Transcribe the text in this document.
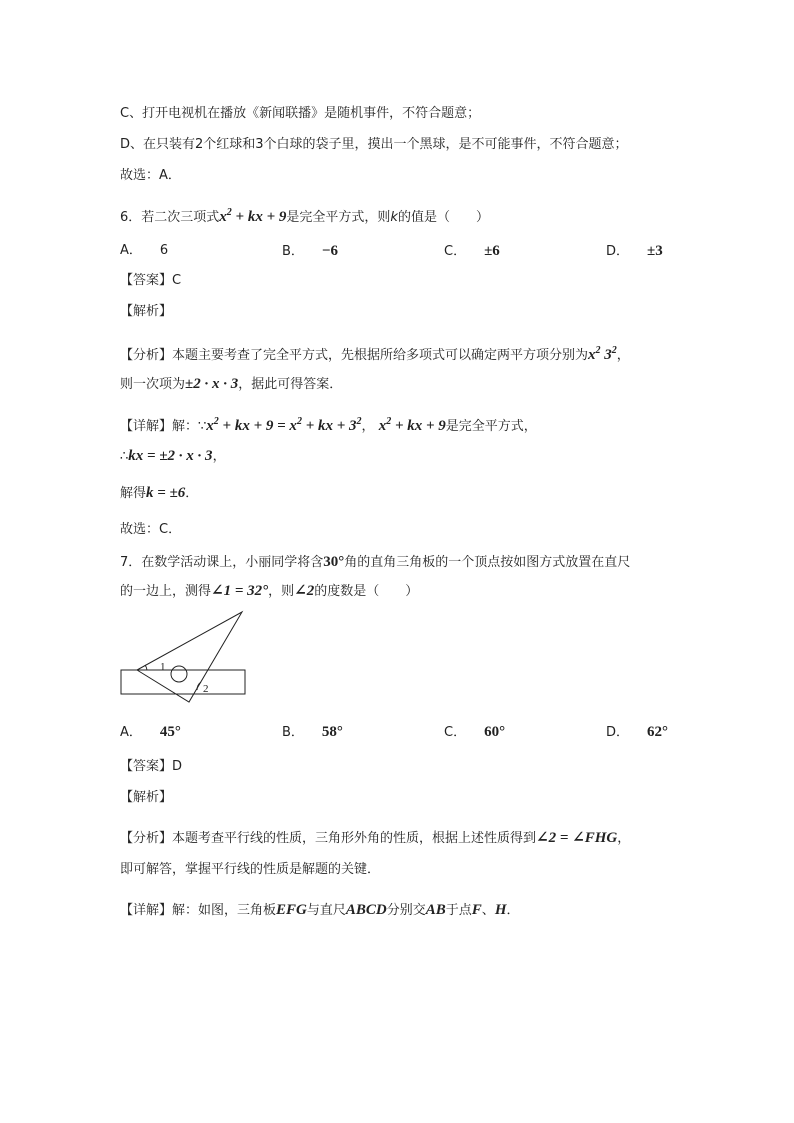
C、打开电视机在播放《新闻联播》是随机事件，不符合题意；
D、在只装有2个红球和3个白球的袋子里，摸出一个黑球，是不可能事件，不符合题意；
故选：A．
6．若二次三项式$x^2$ + kx + 9是完全平方式，则k的值是（　　）
A． 6	B． −6	C． ±6	D． ±3
【答案】C
【解析】
【分析】本题主要考查了完全平方式，先根据所给多项式可以确定两平方项分别为$x^2$ $3^2$，
则一次项为±2 · x · 3，据此可得答案．
【详解】解：$\because x^2$ + kx + $9 = x^2$ + kx + $3^2$， $x^2$ + kx + 9是完全平方式，
∴kx = ±2 · x · 3，
解得k = ±6．
故选：C．
7．在数学活动课上，小丽同学将含30°角的直角三角板的一个顶点按如图方式放置在直尺
的一边上，测得∠1 = 32°，则∠2的度数是（　　）
1
2
A． 45°	B． 58°	C． 60°	D． 62°
【答案】D
【解析】
【分析】本题考查平行线的性质，三角形外角的性质，根据上述性质得到∠2 = ∠FHG，
即可解答，掌握平行线的性质是解题的关键．
【详解】解：如图，三角板EFG与直尺ABCD分别交AB于点F、H．
